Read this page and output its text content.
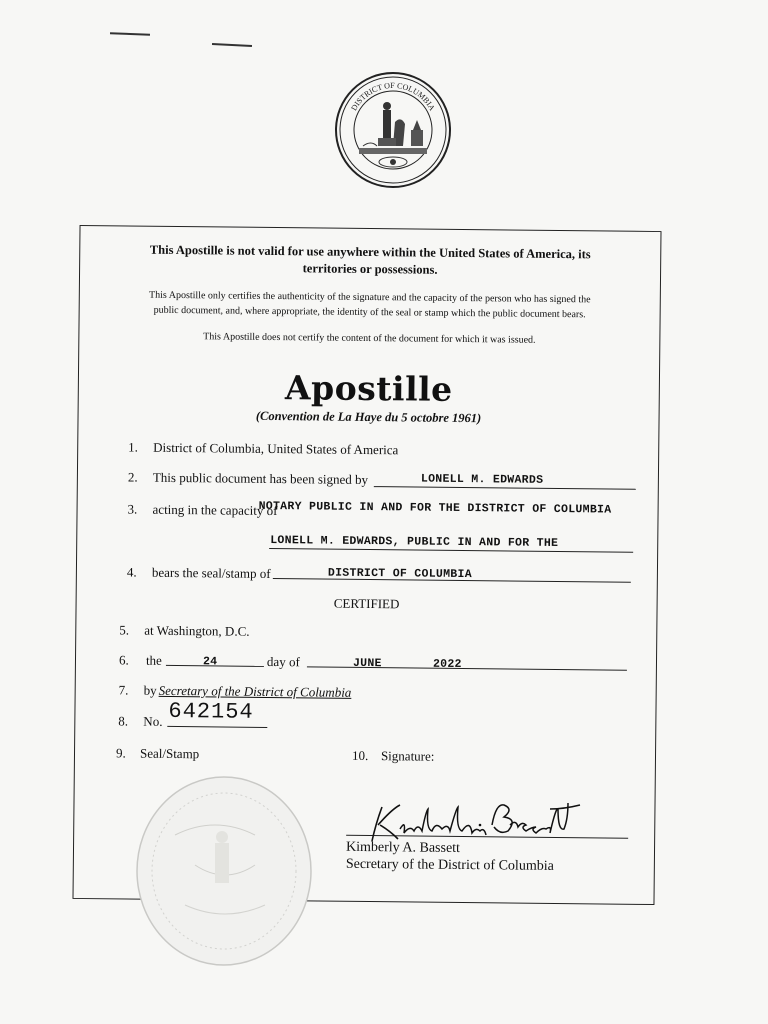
DISTRICT OF COLUMBIA
This Apostille is not valid for use anywhere within the United States of America, its
territories or possessions.
This Apostille only certifies the authenticity of the signature and the capacity of the person who has signed the
public document, and, where appropriate, the identity of the seal or stamp which the public document bears.
This Apostille does not certify the content of the document for which it was issued.
Apostille
(Convention de La Haye du 5 octobre 1961)
1. District of Columbia, United States of America
2. This public document has been signed by	LONELL M. EDWARDS
3. acting in the capacity of
NOTARY PUBLIC IN AND FOR THE DISTRICT OF COLUMBIA
LONELL M. EDWARDS, PUBLIC IN AND FOR THE
4. bears the seal/stamp of	DISTRICT OF COLUMBIA
CERTIFIED
5. at Washington, D.C.
6. the	24	day of	JUNE	2022
7. by Secretary of the District of Columbia
8. No. 642154
9. Seal/Stamp	10. Signature:
Kimberly A. Bassett
Secretary of the District of Columbia
